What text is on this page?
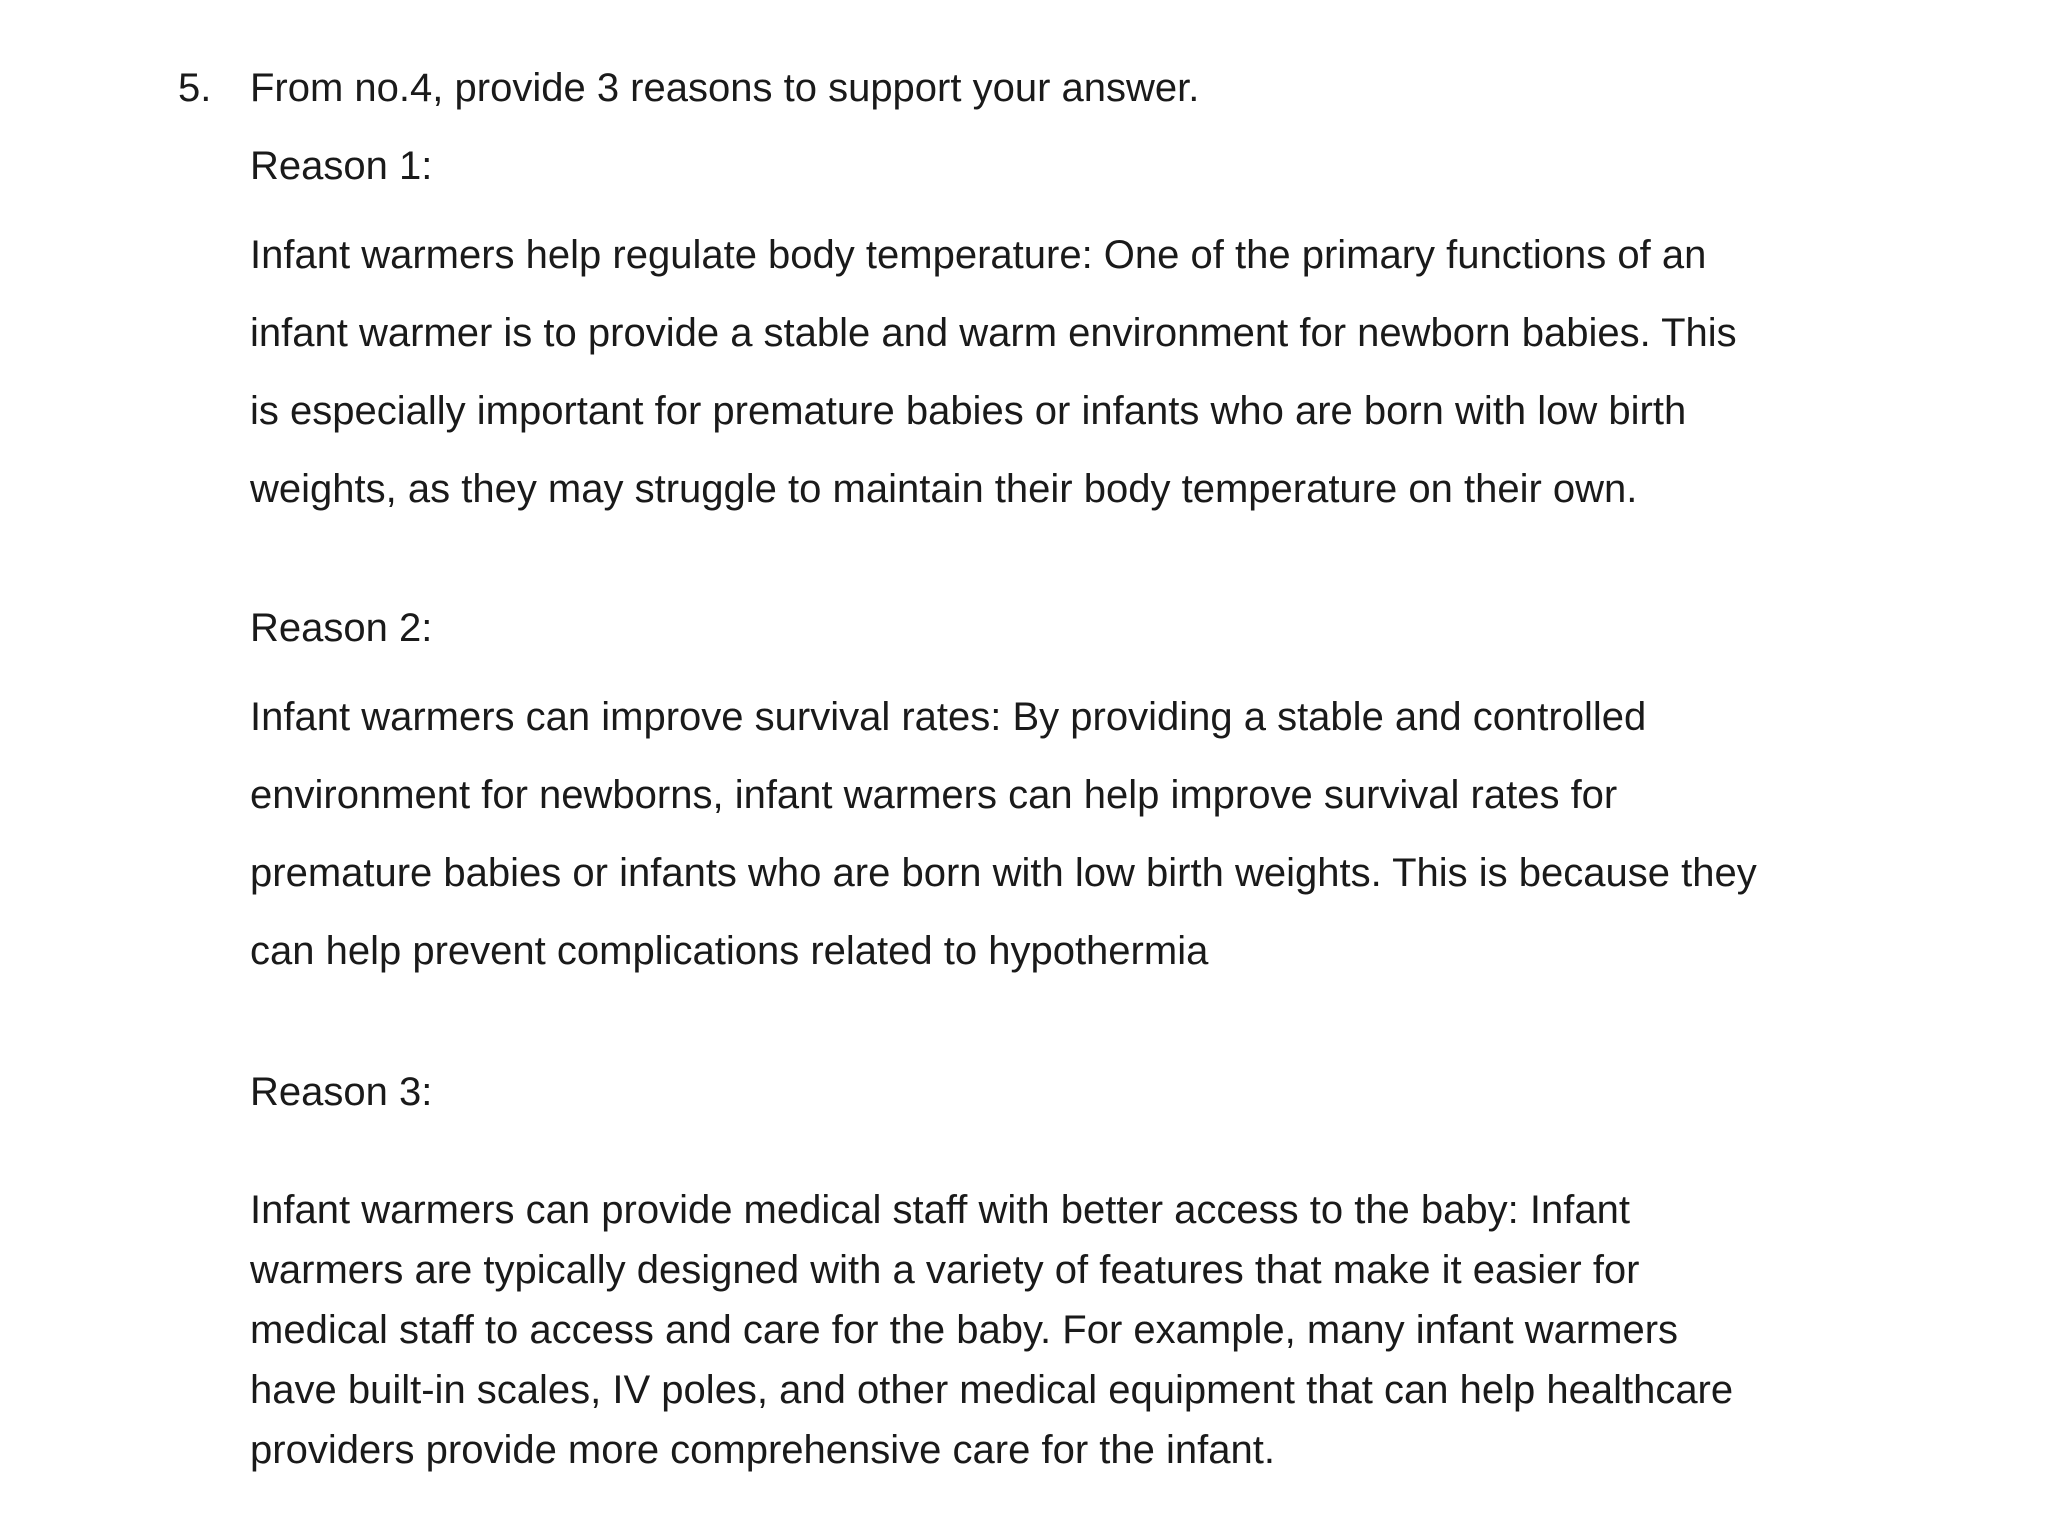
5. From no.4, provide 3 reasons to support your answer.
Reason 1:
Infant warmers help regulate body temperature: One of the primary functions of an
infant warmer is to provide a stable and warm environment for newborn babies. This
is especially important for premature babies or infants who are born with low birth
weights, as they may struggle to maintain their body temperature on their own.
Reason 2:
Infant warmers can improve survival rates: By providing a stable and controlled
environment for newborns, infant warmers can help improve survival rates for
premature babies or infants who are born with low birth weights. This is because they
can help prevent complications related to hypothermia
Reason 3:
Infant warmers can provide medical staff with better access to the baby: Infant
warmers are typically designed with a variety of features that make it easier for
medical staff to access and care for the baby. For example, many infant warmers
have built-in scales, IV poles, and other medical equipment that can help healthcare
providers provide more comprehensive care for the infant.
